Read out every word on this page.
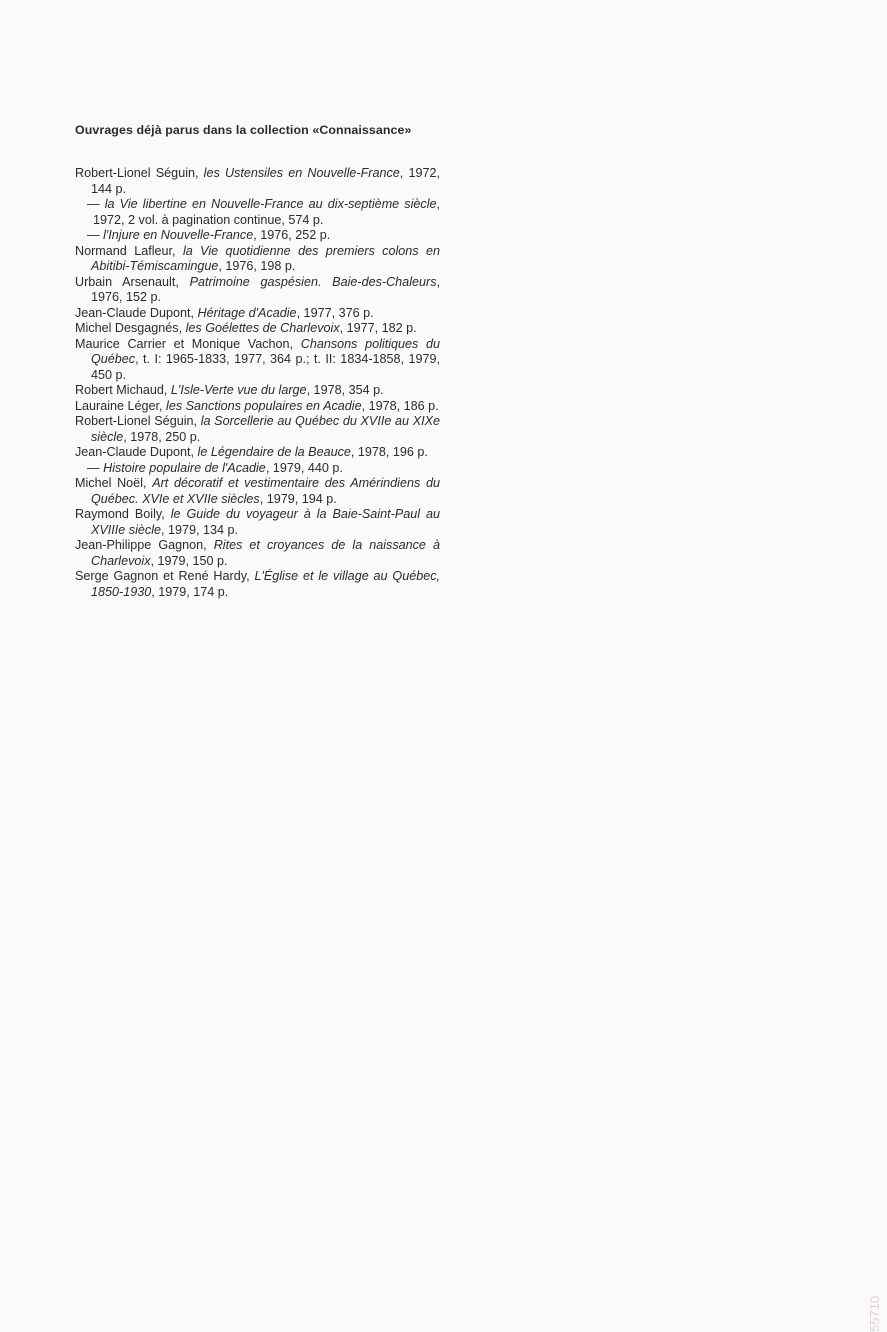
Ouvrages déjà parus dans la collection «Connaissance»

Robert-Lionel Séguin, les Ustensiles en Nouvelle-France, 1972, 144 p.

— la Vie libertine en Nouvelle-France au dix-septième siècle, 1972, 2 vol. à pagination continue, 574 p.

— l'Injure en Nouvelle-France, 1976, 252 p.

Normand Lafleur, la Vie quotidienne des premiers colons en Abitibi-Témiscamingue, 1976, 198 p.

Urbain Arsenault, Patrimoine gaspésien. Baie-des-Chaleurs, 1976, 152 p.

Jean-Claude Dupont, Héritage d'Acadie, 1977, 376 p.

Michel Desgagnés, les Goélettes de Charlevoix, 1977, 182 p.

Maurice Carrier et Monique Vachon, Chansons politiques du Québec, t. I: 1965-1833, 1977, 364 p.; t. II: 1834-1858, 1979, 450 p.

Robert Michaud, L'Isle-Verte vue du large, 1978, 354 p.

Lauraine Léger, les Sanctions populaires en Acadie, 1978, 186 p.

Robert-Lionel Séguin, la Sorcellerie au Québec du XVIIe au XIXe siècle, 1978, 250 p.

Jean-Claude Dupont, le Légendaire de la Beauce, 1978, 196 p.

— Histoire populaire de l'Acadie, 1979, 440 p.

Michel Noël, Art décoratif et vestimentaire des Amérindiens du Québec. XVIe et XVIIe siècles, 1979, 194 p.

Raymond Boily, le Guide du voyageur à la Baie-Saint-Paul au XVIIIe siècle, 1979, 134 p.

Jean-Philippe Gagnon, Rites et croyances de la naissance à Charlevoix, 1979, 150 p.

Serge Gagnon et René Hardy, L'Église et le village au Québec, 1850-1930, 1979, 174 p.

55710
